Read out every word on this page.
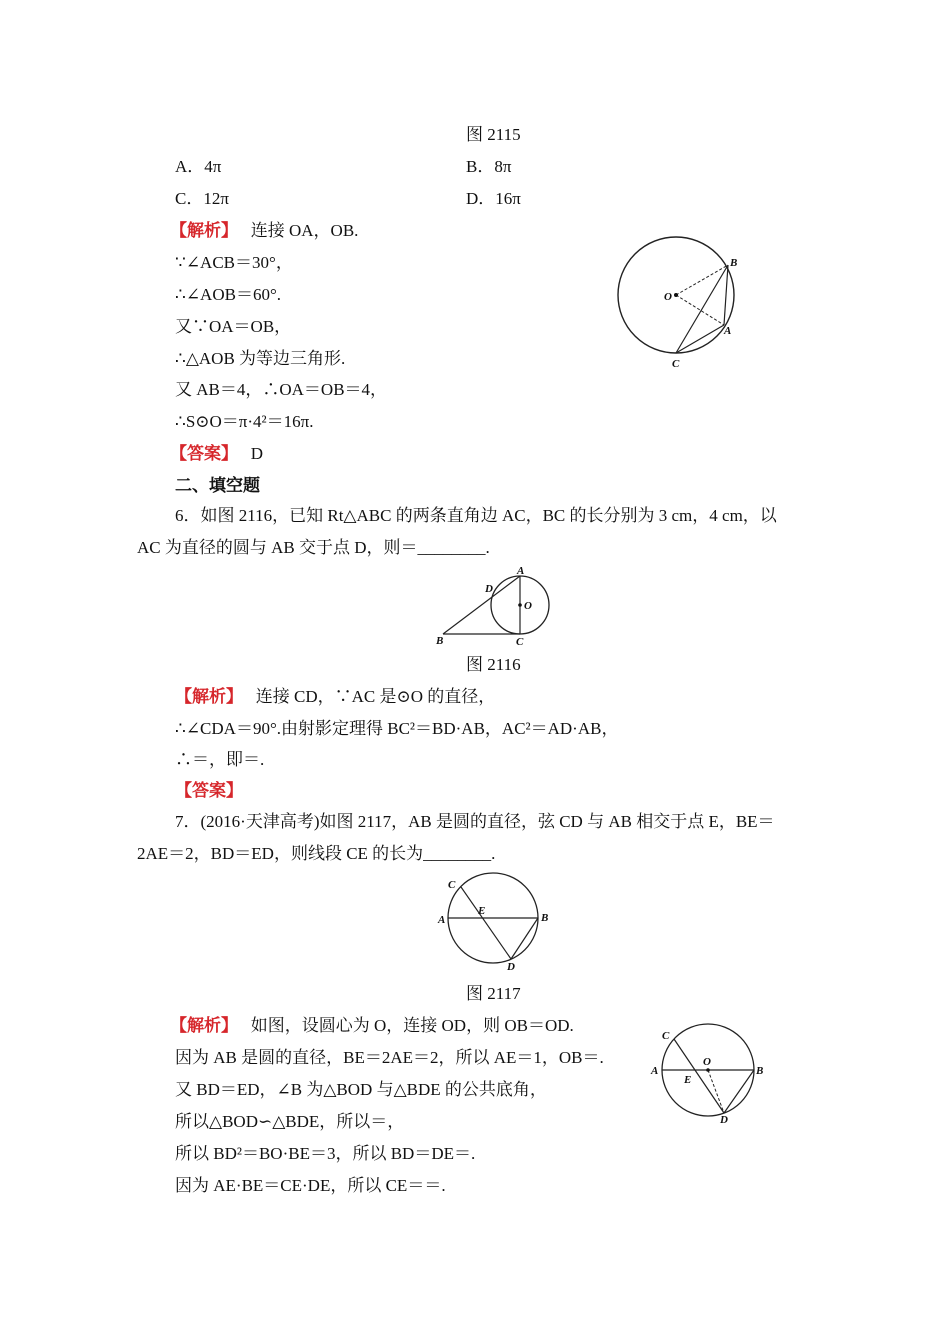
图 2115
A．4π	B．8π
C．12π	D．16π
【解析】 连接 OA，OB.
∵∠ACB＝30°，
∴∠AOB＝60°.
又∵OA＝OB，
∴△AOB 为等边三角形.
又 AB＝4，∴OA＝OB＝4，
∴S⊙O＝π·4²＝16π.
【答案】 D
B
O
A
C
二、填空题
6．如图 2116，已知 Rt△ABC 的两条直角边 AC，BC 的长分别为 3 cm，4 cm，以
AC 为直径的圆与 AB 交于点 D，则＝________.
A
D
O
B	C
图 2116
【解析】 连接 CD，∵AC 是⊙O 的直径，
∴∠CDA＝90°.由射影定理得 BC²＝BD·AB，AC²＝AD·AB，
∴＝，即＝.
【答案】
7．(2016·天津高考)如图 2117，AB 是圆的直径，弦 CD 与 AB 相交于点 E，BE＝
2AE＝2，BD＝ED，则线段 CE 的长为________.
C
A
E
B
D
图 2117
【解析】 如图，设圆心为 O，连接 OD，则 OB＝OD.
因为 AB 是圆的直径，BE＝2AE＝2，所以 AE＝1，OB＝.
又 BD＝ED，∠B 为△BOD 与△BDE 的公共底角，
所以△BOD∽△BDE，所以＝，
所以 BD²＝BO·BE＝3，所以 BD＝DE＝.
因为 AE·BE＝CE·DE，所以 CE＝＝.
C
O
A
E
B
D
